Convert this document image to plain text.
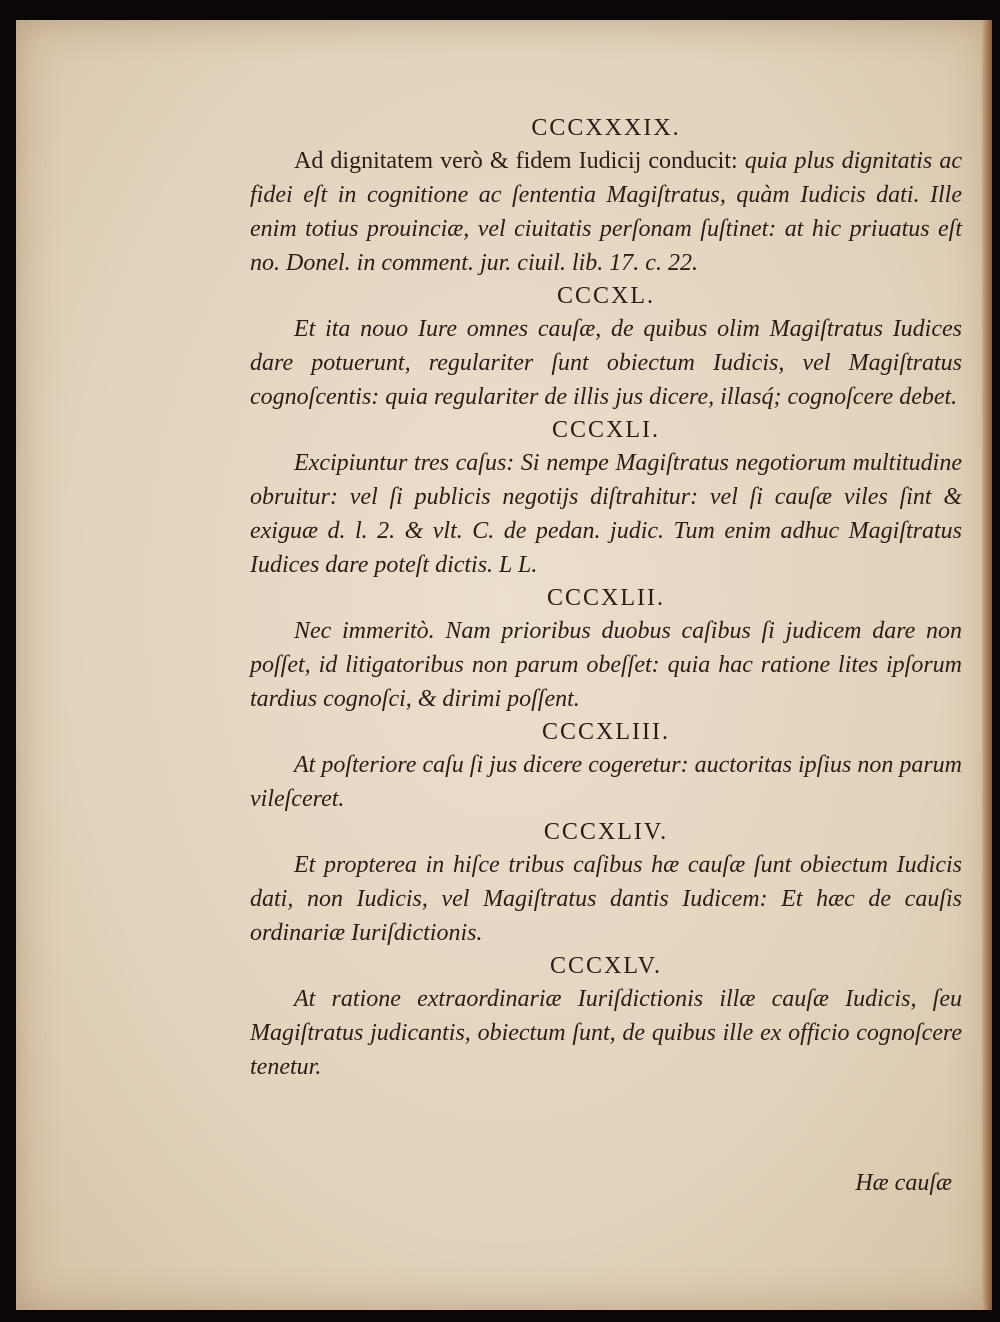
CCCXXXIX.

Ad dignitatem verò & fidem Iudicij conducit: quia plus dignitatis ac fidei eſt in cognitione ac ſententia Magiſtratus, quàm Iudicis dati. Ille enim totius prouinciæ, vel ciuitatis perſonam ſuſtinet: at hic priuatus eſt no. Donel. in comment. jur. ciuil. lib. 17. c. 22.

CCCXL.

Et ita nouo Iure omnes cauſæ, de quibus olim Magiſtratus Iudices dare potuerunt, regulariter ſunt obiectum Iudicis, vel Magiſtratus cognoſcentis: quia regulariter de illis jus dicere, illasq́; cognoſcere debet.

CCCXLI.

Excipiuntur tres caſus: Si nempe Magiſtratus negotiorum multitudine obruitur: vel ſi publicis negotijs diſtrahitur: vel ſi cauſæ viles ſint & exiguæ d. l. 2. & vlt. C. de pedan. judic. Tum enim adhuc Magiſtratus Iudices dare poteſt dictis. L L.

CCCXLII.

Nec immeritò. Nam prioribus duobus caſibus ſi judicem dare non poſſet, id litigatoribus non parum obeſſet: quia hac ratione lites ipſorum tardius cognoſci, & dirimi poſſent.

CCCXLIII.

At poſteriore caſu ſi jus dicere cogeretur: auctoritas ipſius non parum vileſceret.

CCCXLIV.

Et propterea in hiſce tribus caſibus hæ cauſæ ſunt obiectum Iudicis dati, non Iudicis, vel Magiſtratus dantis Iudicem: Et hæc de cauſis ordinariæ Iuriſdictionis.

CCCXLV.

At ratione extraordinariæ Iuriſdictionis illæ cauſæ Iudicis, ſeu Magiſtratus judicantis, obiectum ſunt, de quibus ille ex officio cognoſcere tenetur.

Hæ cauſæ
